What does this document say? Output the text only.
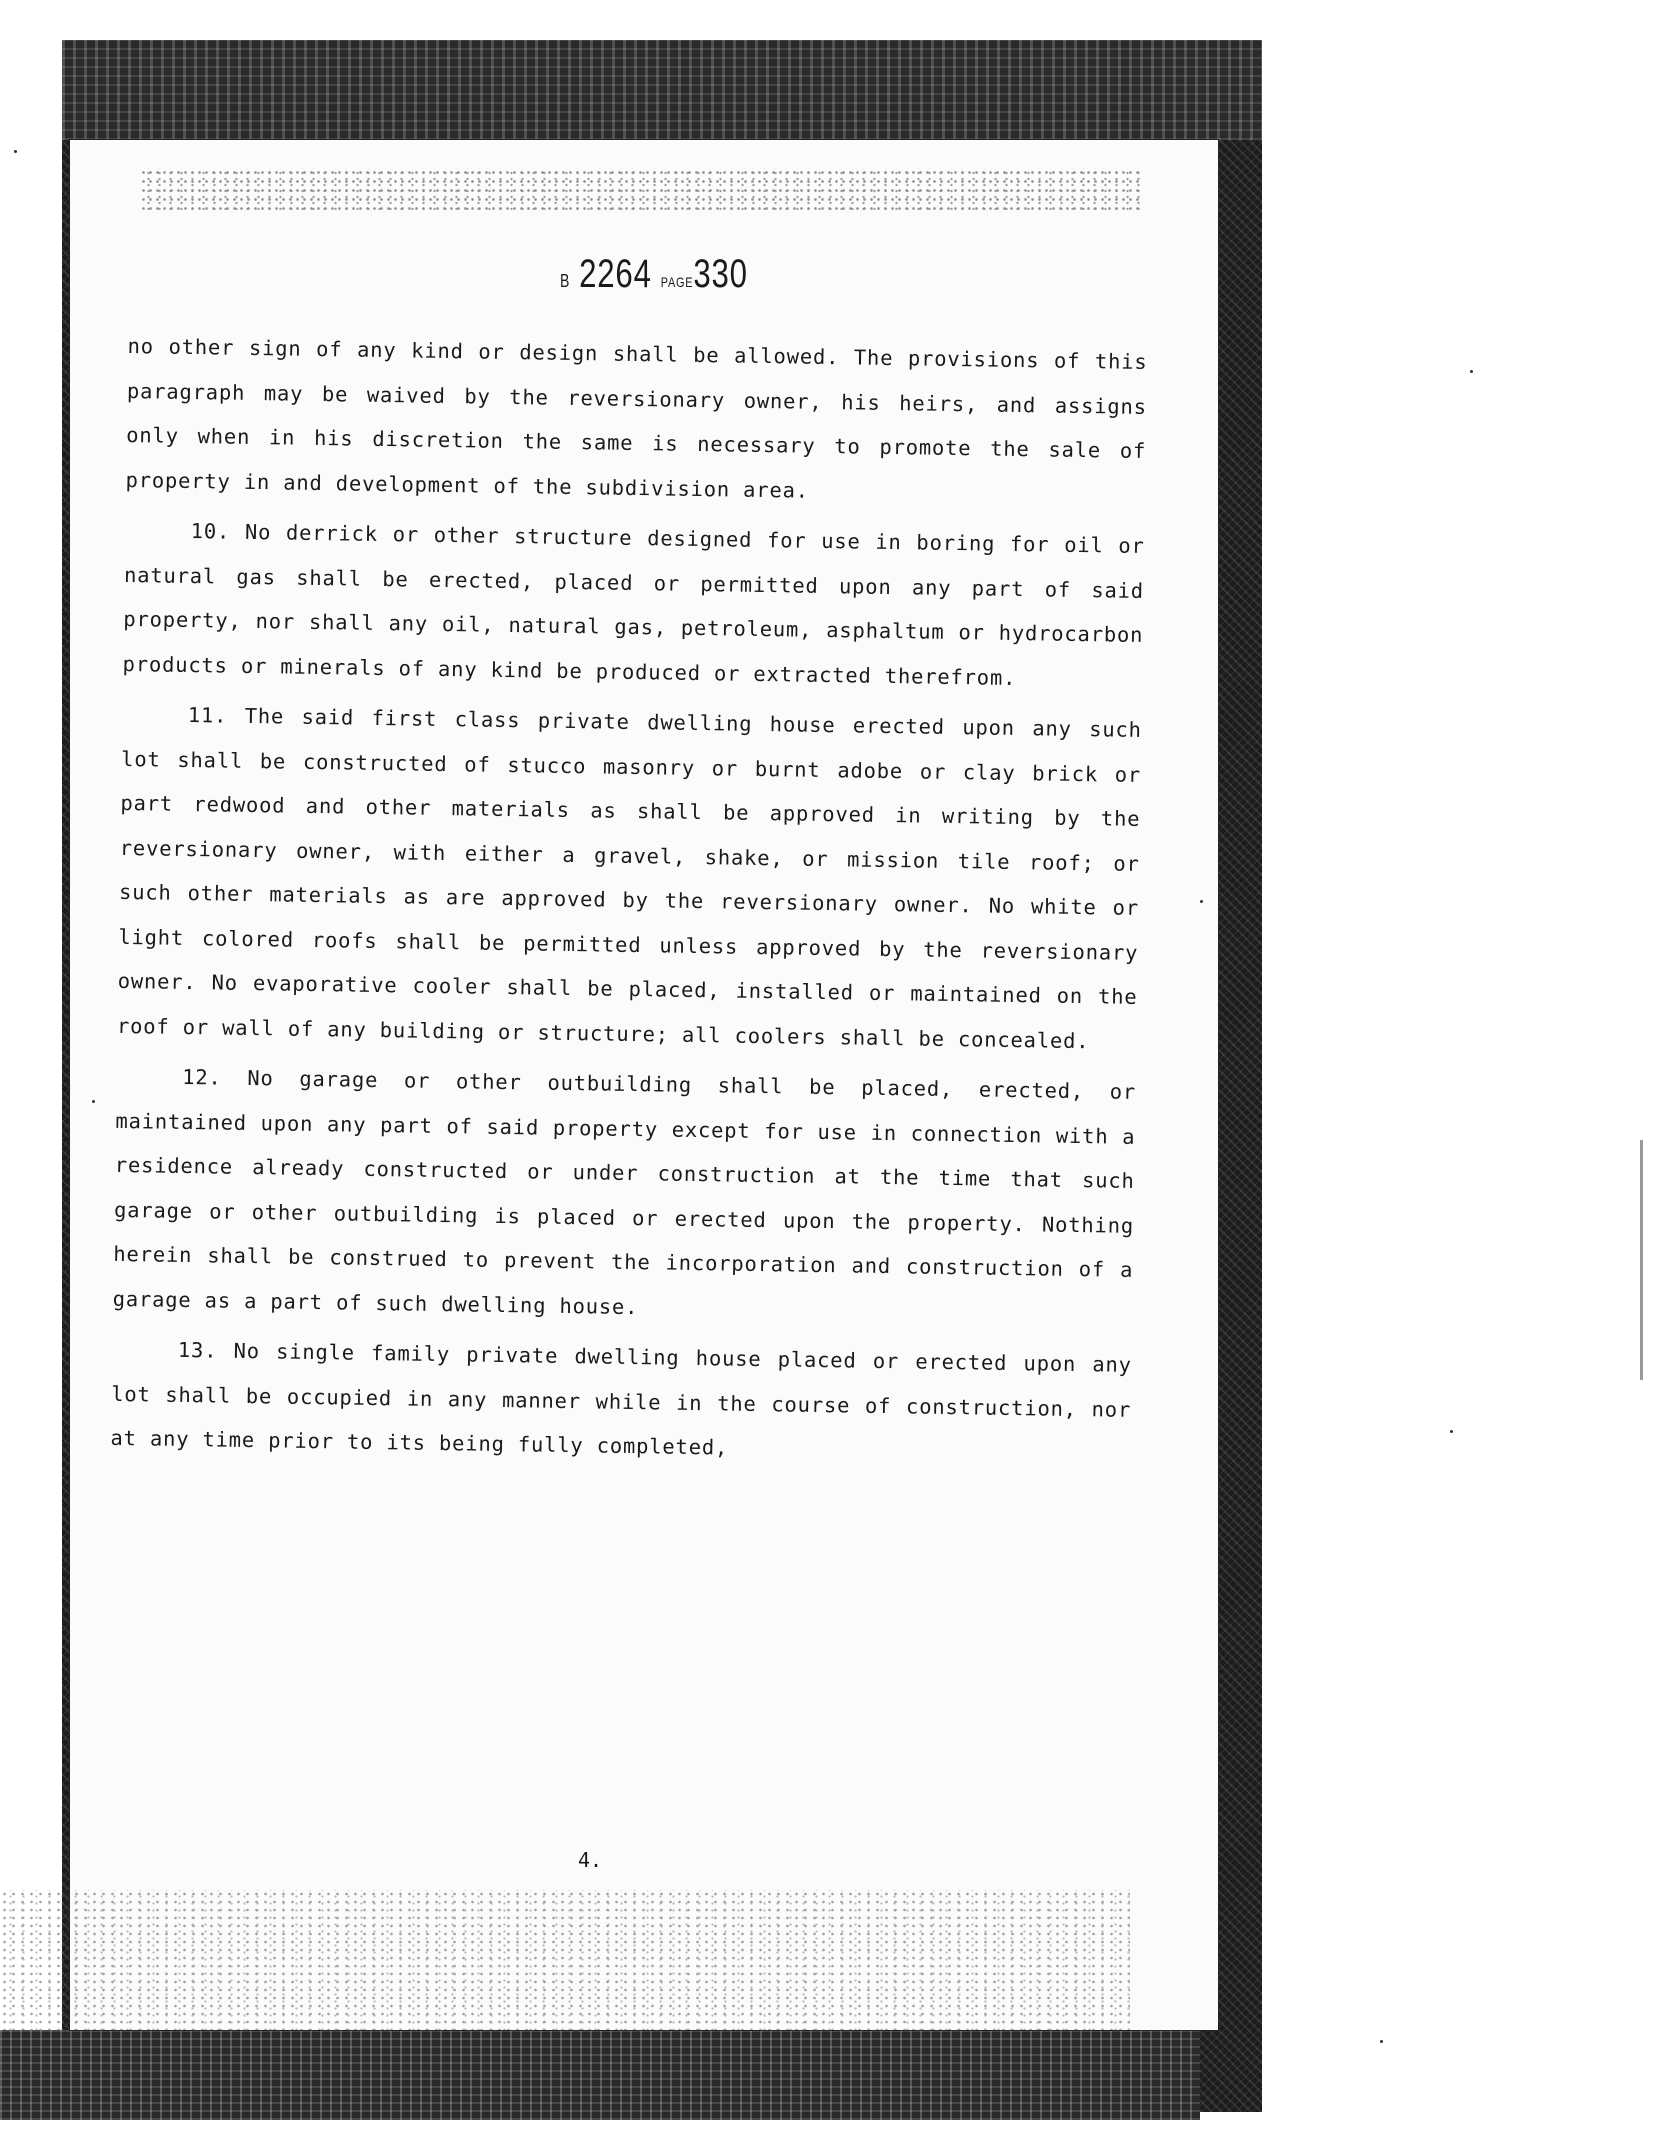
B 2264 PAGE330

no other sign of any kind or design shall be allowed. The provisions of this paragraph may be waived by the reversionary owner, his heirs, and assigns only when in his discretion the same is necessary to promote the sale of property in and development of the subdivision area.

10. No derrick or other structure designed for use in boring for oil or natural gas shall be erected, placed or permitted upon any part of said property, nor shall any oil, natural gas, petroleum, asphaltum or hydrocarbon products or minerals of any kind be produced or extracted therefrom.

11. The said first class private dwelling house erected upon any such lot shall be constructed of stucco masonry or burnt adobe or clay brick or part redwood and other materials as shall be approved in writing by the reversionary owner, with either a gravel, shake, or mission tile roof; or such other materials as are approved by the reversionary owner. No white or light colored roofs shall be permitted unless approved by the reversionary owner. No evaporative cooler shall be placed, installed or maintained on the roof or wall of any building or structure; all coolers shall be concealed.

12. No garage or other outbuilding shall be placed, erected, or maintained upon any part of said property except for use in connection with a residence already constructed or under construction at the time that such garage or other outbuilding is placed or erected upon the property. Nothing herein shall be construed to prevent the incorporation and construction of a garage as a part of such dwelling house.

13. No single family private dwelling house placed or erected upon any lot shall be occupied in any manner while in the course of construction, nor at any time prior to its being fully completed,

4.
